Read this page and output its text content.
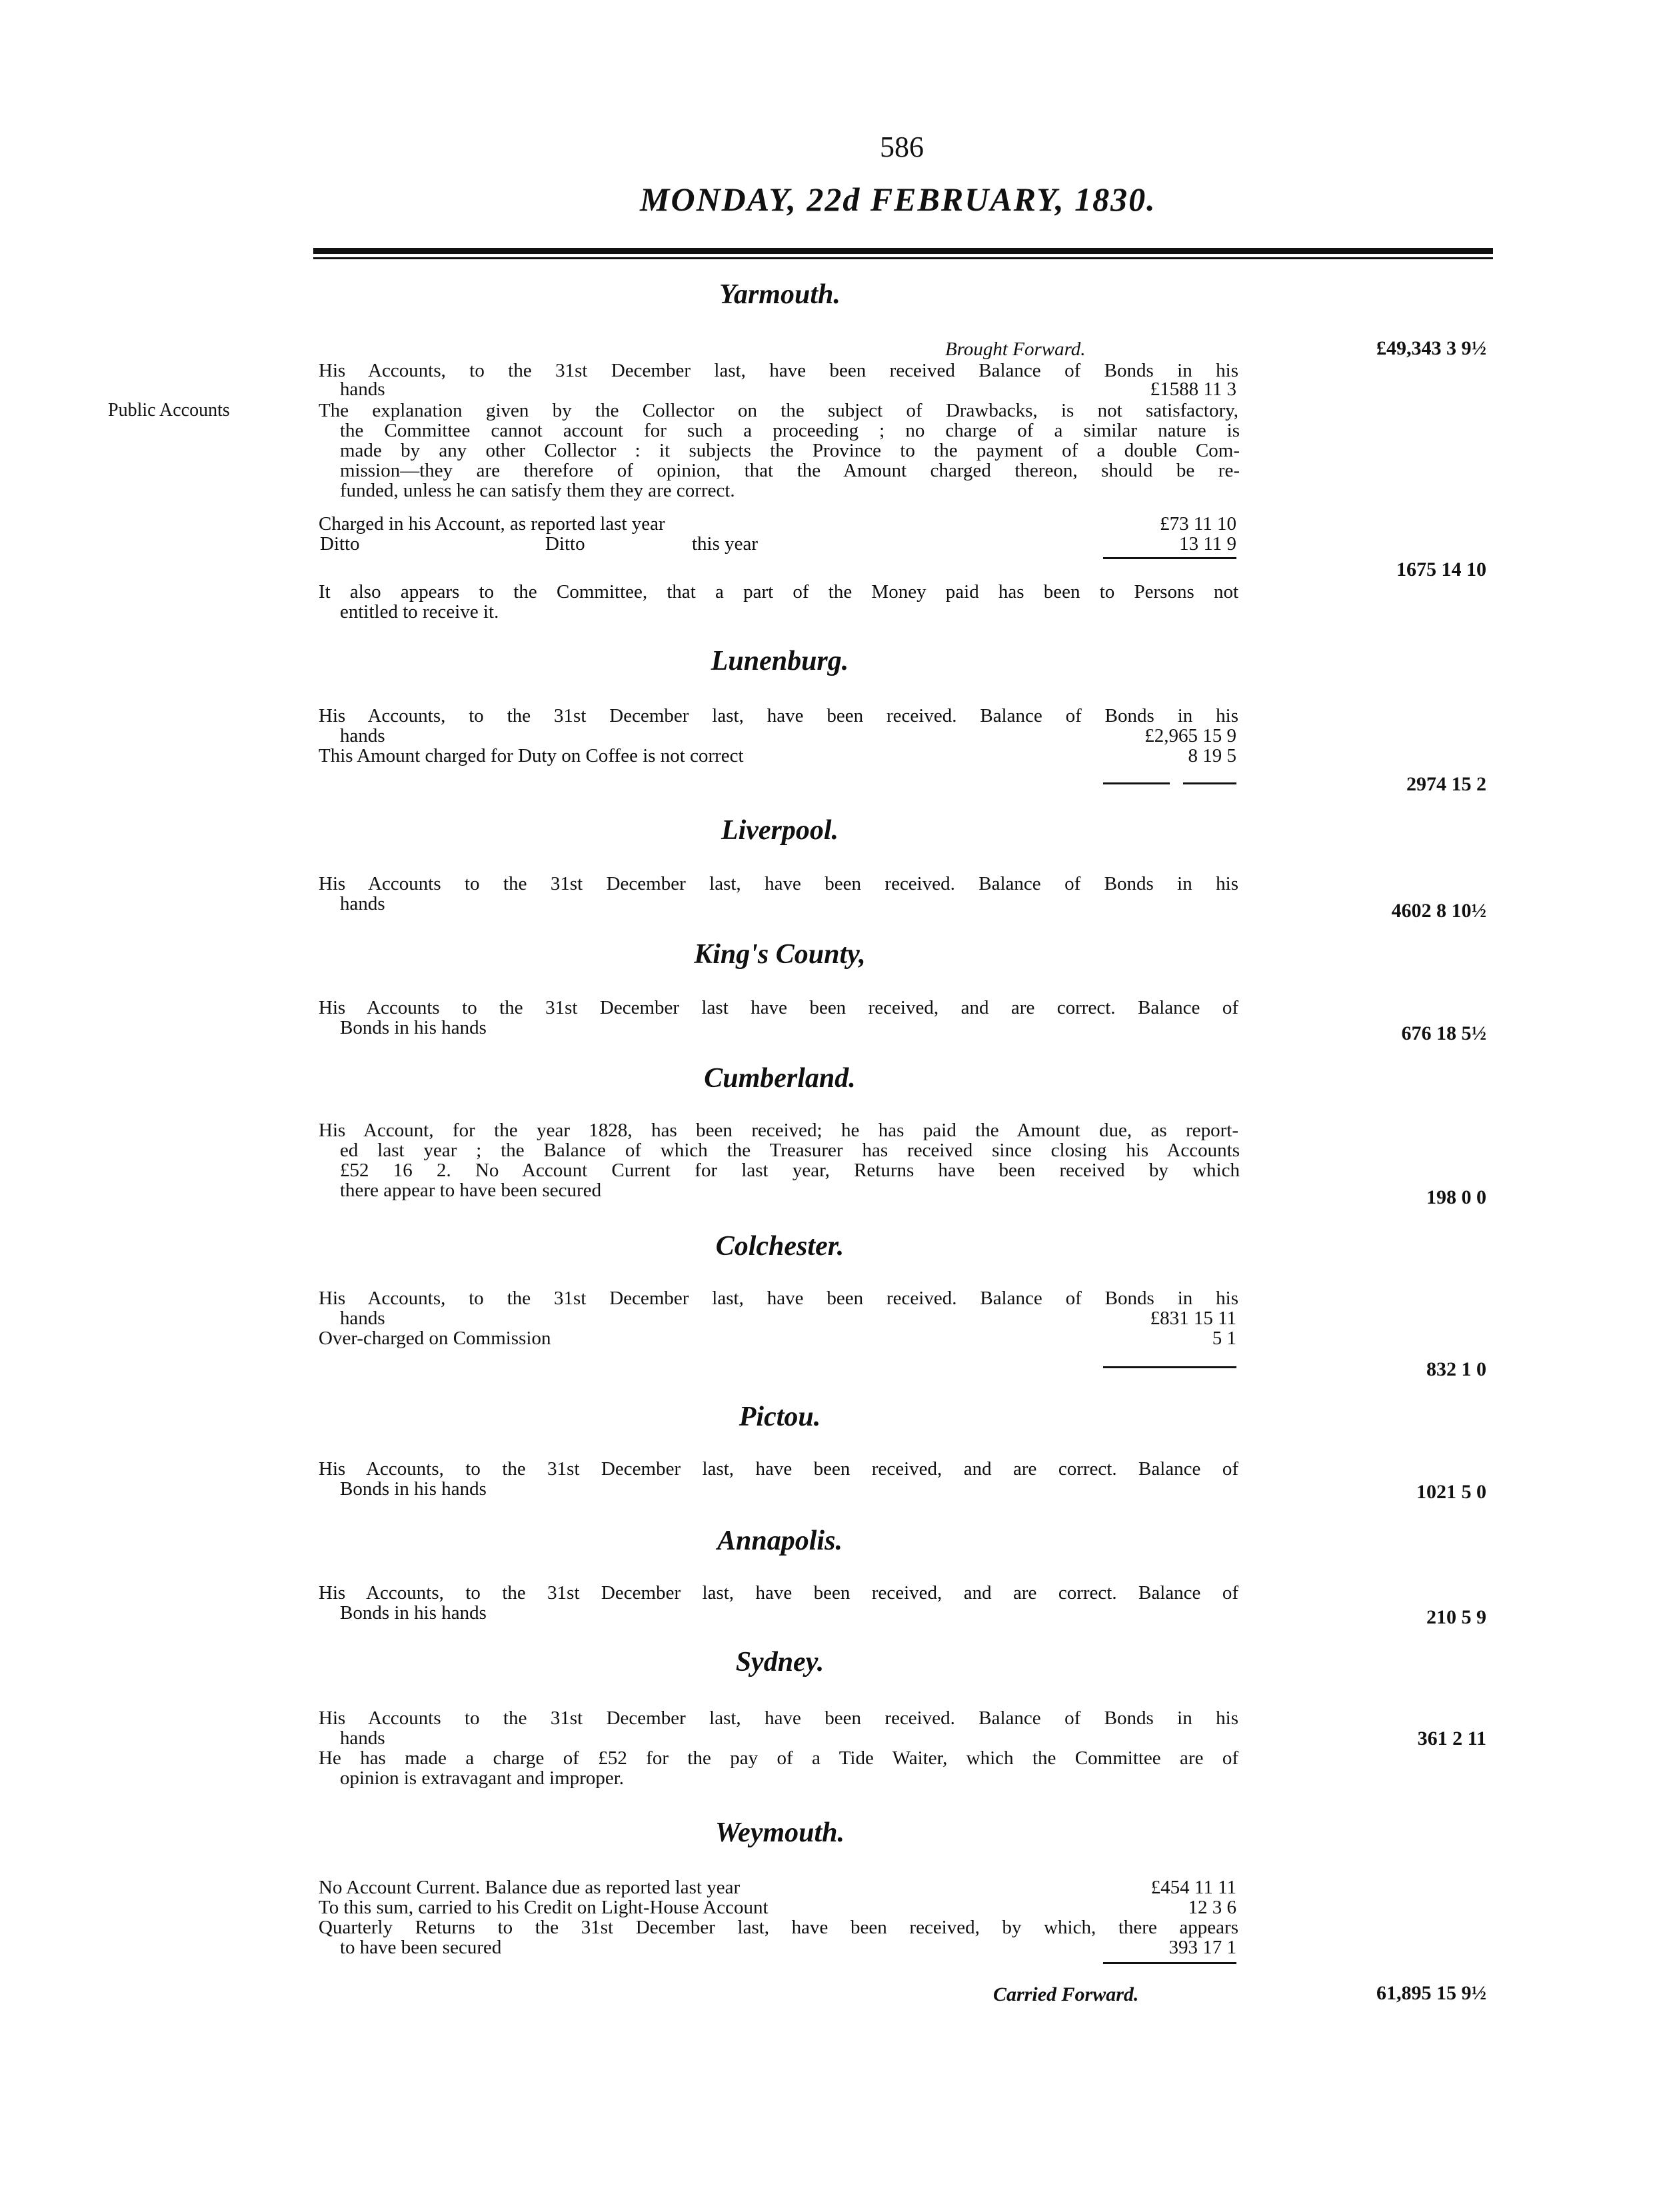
586
MONDAY, 22d FEBRUARY, 1830.
Public Accounts
Yarmouth.
Brought Forward.	£49,343 3 9½
His Accounts, to the 31st December last, have been received Balance of Bonds in his
hands	£1588 11 3
The explanation given by the Collector on the subject of Drawbacks, is not satisfactory,
the Committee cannot account for such a proceeding ; no charge of a similar nature is
made by any other Collector : it subjects the Province to the payment of a double Com-
mission—they are therefore of opinion, that the Amount charged thereon, should be re-
funded, unless he can satisfy them they are correct.
Charged in his Account, as reported last year	£73 11 10
Ditto	Ditto	this year	13 11 9
1675 14 10
It also appears to the Committee, that a part of the Money paid has been to Persons not
entitled to receive it.
Lunenburg.
His Accounts, to the 31st December last, have been received. Balance of Bonds in his
hands	£2,965 15 9
This Amount charged for Duty on Coffee is not correct	8 19 5
2974 15 2
Liverpool.
His Accounts to the 31st December last, have been received. Balance of Bonds in his
hands	4602 8 10½
King's County,
His Accounts to the 31st December last have been received, and are correct. Balance of
Bonds in his hands	676 18 5½
Cumberland.
His Account, for the year 1828, has been received; he has paid the Amount due, as report-
ed last year ; the Balance of which the Treasurer has received since closing his Accounts
£52 16 2. No Account Current for last year, Returns have been received by which
there appear to have been secured	198 0 0
Colchester.
His Accounts, to the 31st December last, have been received. Balance of Bonds in his
hands	£831 15 11
Over-charged on Commission	5 1
832 1 0
Pictou.
His Accounts, to the 31st December last, have been received, and are correct. Balance of
Bonds in his hands	1021 5 0
Annapolis.
His Accounts, to the 31st December last, have been received, and are correct. Balance of
Bonds in his hands	210 5 9
Sydney.
His Accounts to the 31st December last, have been received. Balance of Bonds in his
hands	361 2 11
He has made a charge of £52 for the pay of a Tide Waiter, which the Committee are of
opinion is extravagant and improper.
Weymouth.
No Account Current. Balance due as reported last year	£454 11 11
To this sum, carried to his Credit on Light-House Account	12 3 6
Quarterly Returns to the 31st December last, have been received, by which, there appears
to have been secured	393 17 1
Carried Forward.	61,895 15 9½
